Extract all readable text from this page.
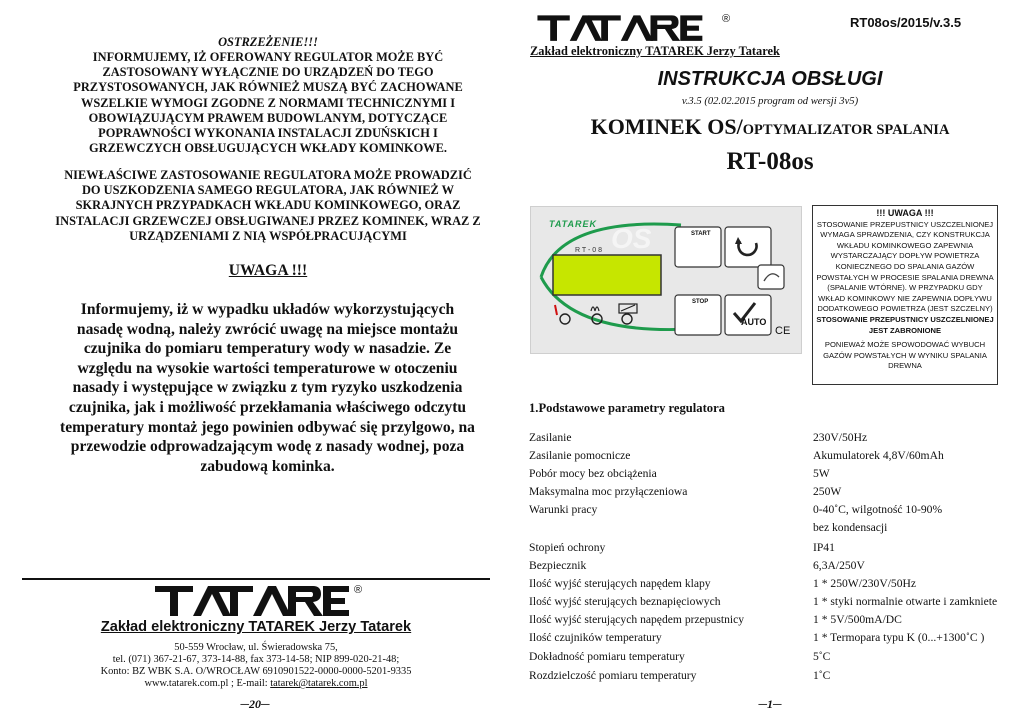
OSTRZEŻENIE!!!
INFORMUJEMY, IŻ OFEROWANY REGULATOR MOŻE BYĆ
ZASTOSOWANY WYŁĄCZNIE DO URZĄDZEŃ DO TEGO
PRZYSTOSOWANYCH, JAK RÓWNIEŻ MUSZĄ BYĆ ZACHOWANE
WSZELKIE WYMOGI ZGODNE Z NORMAMI TECHNICZNYMI I
OBOWIĄZUJĄCYM PRAWEM BUDOWLANYM, DOTYCZĄCE
POPRAWNOŚCI WYKONANIA INSTALACJI ZDUŃSKICH I
GRZEWCZYCH OBSŁUGUJĄCYCH WKŁADY KOMINKOWE.
NIEWŁAŚCIWE ZASTOSOWANIE REGULATORA MOŻE PROWADZIĆ
DO USZKODZENIA SAMEGO REGULATORA, JAK RÓWNIEŻ W
SKRAJNYCH PRZYPADKACH WKŁADU KOMINKOWEGO, ORAZ
INSTALACJI GRZEWCZEJ OBSŁUGIWANEJ PRZEZ KOMINEK, WRAZ Z
URZĄDZENIAMI Z NIĄ WSPÓŁPRACUJĄCYMI
UWAGA !!!
Informujemy, iż w wypadku układów wykorzystujących
nasadę wodną, należy zwrócić uwagę na miejsce montażu
czujnika do pomiaru temperatury wody w nasadzie. Ze
względu na wysokie wartości temperaturowe w otoczeniu
nasady i występujące w związku z tym ryzyko uszkodzenia
czujnika, jak i możliwość przekłamania właściwego odczytu
temperatury montaż jego powinien odbywać się przylgowo, na
przewodzie odprowadzającym wodę z nasady wodnej, poza
zabudową kominka.
®
Zakład elektroniczny TATAREK Jerzy Tatarek
50-559 Wrocław, ul. Świeradowska 75,
tel. (071) 367-21-67, 373-14-88, fax 373-14-58; NIP 899-020-21-48;
Konto: BZ WBK S.A. O/WROCŁAW 6910901522-0000-0000-5201-9335
www.tatarek.com.pl ; E-mail: tatarek@tatarek.com.pl
─20─
®	RT08os/2015/v.3.5
Zakład elektroniczny TATAREK Jerzy Tatarek
INSTRUKCJA OBSŁUGI
v.3.5 (02.02.2015 program od wersji 3v5)
KOMINEK OS/OPTYMALIZATOR SPALANIA
RT-08os
TATAREK OS
R T - 0 8
START
STOP
AUTO
CE
!!! UWAGA !!!
STOSOWANIE PRZEPUSTNICY USZCZELNIONEJ
WYMAGA SPRAWDZENIA, CZY KONSTRUKCJA
WKŁADU KOMINKOWEGO ZAPEWNIA
WYSTARCZAJĄCY DOPŁYW POWIETRZA
KONIECZNEGO DO SPALANIA GAZÓW
POWSTAŁYCH W PROCESIE SPALANIA DREWNA
(SPALANIE WTÓRNE). W PRZYPADKU GDY
WKŁAD KOMINKOWY NIE ZAPEWNIA DOPŁYWU
DODATKOWEGO POWIETRZA (JEST SZCZELNY)
STOSOWANIE PRZEPUSTNICY USZCZELNIONEJ
JEST ZABRONIONE
PONIEWAŻ MOŻE SPOWODOWAĆ WYBUCH
GAZÓW POWSTAŁYCH W WYNIKU SPALANIA
DREWNA
1.Podstawowe parametry regulatora
Zasilanie	230V/50Hz
Zasilanie pomocnicze	Akumulatorek 4,8V/60mAh
Pobór mocy bez obciążenia	5W
Maksymalna moc przyłączeniowa	250W
Warunki pracy	0-40˚C, wilgotność 10-90%
bez kondensacji
Stopień ochrony	IP41
Bezpiecznik	6,3A/250V
Ilość wyjść sterujących napędem klapy	1 * 250W/230V/50Hz
Ilość wyjść sterujących beznapięciowych	1 * styki normalnie otwarte i zamkniete
Ilość wyjść sterujących napędem przepustnicy	1 * 5V/500mA/DC
Ilość czujników temperatury	1 * Termopara typu K (0...+1300˚C )
Dokładność pomiaru temperatury	5˚C
Rozdzielczość pomiaru temperatury	1˚C
─1─
